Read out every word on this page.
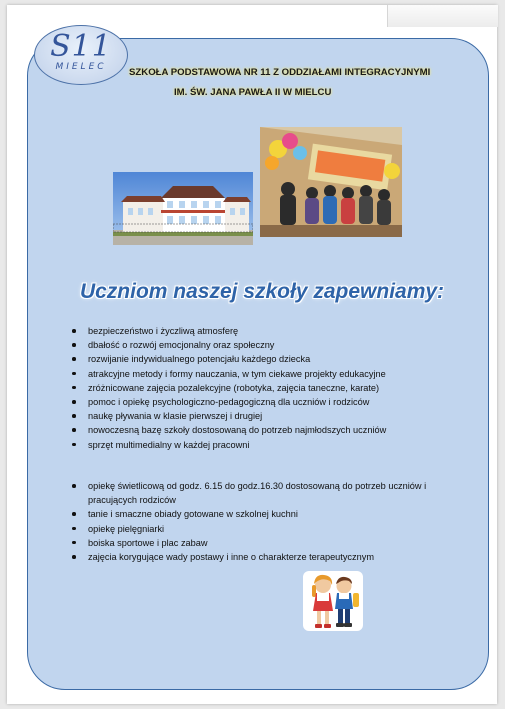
S11
MIELEC	SZKOŁA PODSTAWOWA NR 11 Z ODDZIAŁAMI INTEGRACYJNYMI
IM. ŚW. JANA PAWŁA II W MIELCU
Uczniom naszej szkoły zapewniamy:
bezpieczeństwo i życzliwą atmosferę
dbałość o rozwój emocjonalny oraz społeczny
rozwijanie indywidualnego potencjału każdego dziecka
atrakcyjne metody i formy nauczania, w tym ciekawe projekty edukacyjne
zróżnicowane zajęcia pozalekcyjne (robotyka, zajęcia taneczne, karate)
pomoc i opiekę psychologiczno-pedagogiczną dla uczniów i rodziców
naukę pływania w klasie pierwszej i drugiej
nowoczesną bazę szkoły dostosowaną do potrzeb najmłodszych uczniów
sprzęt multimedialny w każdej pracowni
opiekę świetlicową od godz. 6.15 do godz.16.30 dostosowaną do potrzeb uczniów i pracujących rodziców
tanie i smaczne obiady gotowane w szkolnej kuchni
opiekę pielęgniarki
boiska sportowe i plac zabaw
zajęcia korygujące wady postawy i inne o charakterze terapeutycznym
